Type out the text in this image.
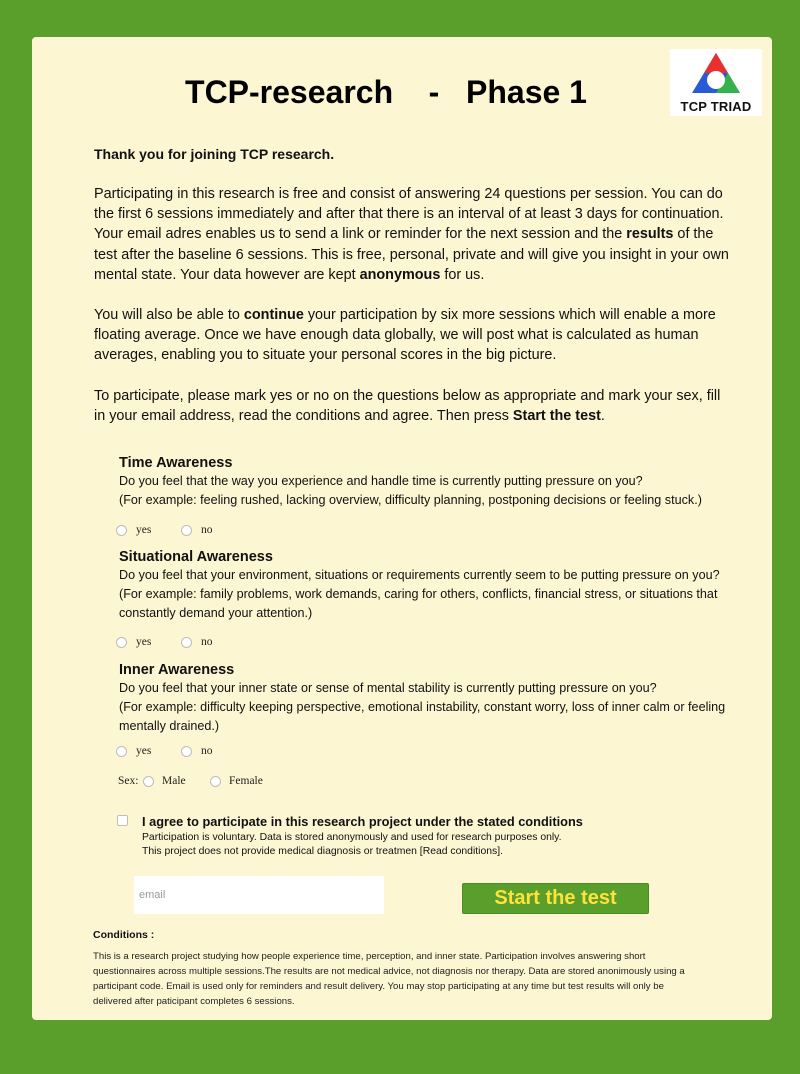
TCP TRIAD
TCP-research    -   Phase 1
Thank you for joining TCP research.
Participating in this research is free and consist of answering 24 questions per session. You can do the first 6 sessions immediately and after that there is an interval of at least 3 days for continuation. Your email adres enables us to send a link or reminder for the next session and the results of the test after the baseline 6 sessions. This is free, personal, private and will give you insight in your own mental state. Your data however are kept anonymous for us.
You will also be able to continue your participation by six more sessions which will enable a more floating average. Once we have enough data globally, we will post what is calculated as human averages, enabling you to situate your personal scores in the big picture.
To participate, please mark yes or no on the questions below as appropriate and mark your sex, fill in your email address, read the conditions and agree. Then press Start the test.
Time Awareness
Do you feel that the way you experience and handle time is currently putting pressure on you?
(For example: feeling rushed, lacking overview, difficulty planning, postponing decisions or feeling stuck.)
yes	no
Situational Awareness
Do you feel that your environment, situations or requirements currently seem to be putting pressure on you?
(For example: family problems, work demands, caring for others, conflicts, financial stress, or situations that constantly demand your attention.)
yes	no
Inner Awareness
Do you feel that your inner state or sense of mental stability is currently putting pressure on you?
(For example: difficulty keeping perspective, emotional instability, constant worry, loss of inner calm or feeling mentally drained.)
yes	no
Sex: Male	Female
I agree to participate in this research project under the stated conditions
Participation is voluntary. Data is stored anonymously and used for research purposes only.
This project does not provide medical diagnosis or treatmen [Read conditions].
email
Start the test
Conditions :
This is a research project studying how people experience time, perception, and inner state. Participation involves answering short questionnaires across multiple sessions.The results are not medical advice, not diagnosis nor therapy. Data are stored anonimously using a participant code. Email is used only for reminders and result delivery. You may stop participating at any time but test results will only be delivered after paticipant completes 6 sessions.
